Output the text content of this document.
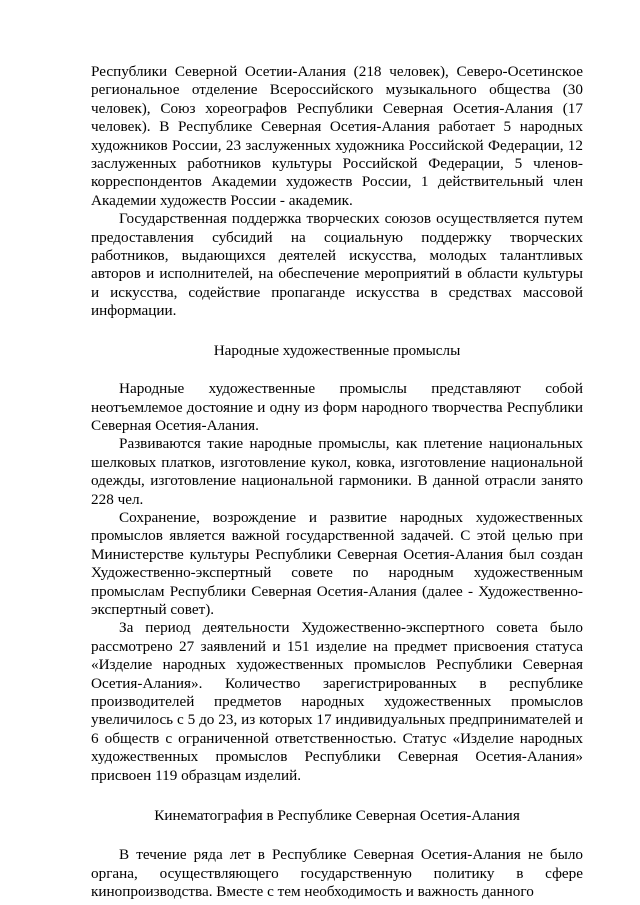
Республики Северной Осетии-Алания (218 человек), Северо-Осетинское региональное отделение Всероссийского музыкального общества (30 человек), Союз хореографов Республики Северная Осетия-Алания (17 человек). В Республике Северная Осетия-Алания работает 5 народных художников России, 23 заслуженных художника Российской Федерации, 12 заслуженных работников культуры Российской Федерации, 5 членов-корреспондентов Академии художеств России, 1 действительный член Академии художеств России - академик.

Государственная поддержка творческих союзов осуществляется путем предоставления субсидий на социальную поддержку творческих работников, выдающихся деятелей искусства, молодых талантливых авторов и исполнителей, на обеспечение мероприятий в области культуры и искусства, содействие пропаганде искусства в средствах массовой информации.

Народные художественные промыслы

Народные художественные промыслы представляют собой неотъемлемое достояние и одну из форм народного творчества Республики Северная Осетия-Алания.

Развиваются такие народные промыслы, как плетение национальных шелковых платков, изготовление кукол, ковка, изготовление национальной одежды, изготовление национальной гармоники. В данной отрасли занято 228 чел.

Сохранение, возрождение и развитие народных художественных промыслов является важной государственной задачей. С этой целью при Министерстве культуры Республики Северная Осетия-Алания был создан Художественно-экспертный совете по народным художественным промыслам Республики Северная Осетия-Алания (далее - Художественно-экспертный совет).

За период деятельности Художественно-экспертного совета было рассмотрено 27 заявлений и 151 изделие на предмет присвоения статуса «Изделие народных художественных промыслов Республики Северная Осетия-Алания». Количество зарегистрированных в республике производителей предметов народных художественных промыслов увеличилось с 5 до 23, из которых 17 индивидуальных предпринимателей и 6 обществ с ограниченной ответственностью. Статус «Изделие народных художественных промыслов Республики Северная Осетия-Алания» присвоен 119 образцам изделий.

Кинематография в Республике Северная Осетия-Алания

В течение ряда лет в Республике Северная Осетия-Алания не было органа, осуществляющего государственную политику в сфере кинопроизводства. Вместе с тем необходимость и важность данного
